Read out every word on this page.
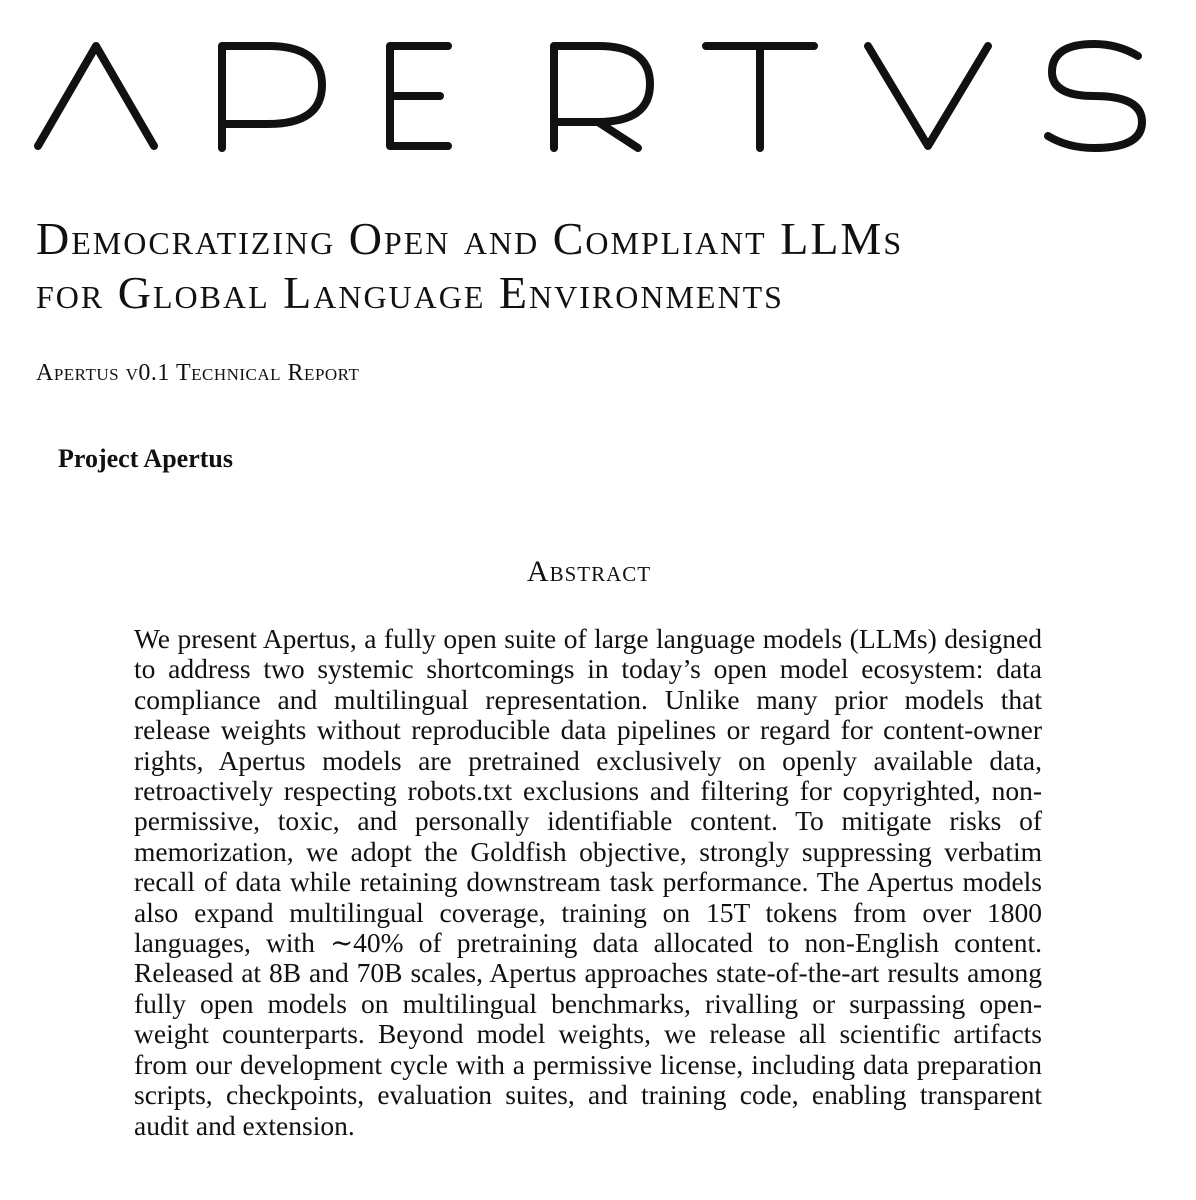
Democratizing Open and Compliant LLMs
for Global Language Environments
Apertus v0.1 Technical Report
Project Apertus
Abstract

We present Apertus, a fully open suite of large language models (LLMs) designed to address two systemic shortcomings in today’s open model ecosystem: data compliance and multilingual representation. Unlike many prior models that release weights without reproducible data pipelines or regard for content-owner rights, Apertus models are pretrained exclusively on openly available data, retroactively respecting robots.txt exclusions and filtering for copyrighted, non-permissive, toxic, and personally identifiable content. To mitigate risks of memorization, we adopt the Goldfish objective, strongly suppressing verbatim recall of data while retaining downstream task performance. The Apertus models also expand multilingual coverage, training on 15T tokens from over 1800 languages, with ∼40% of pretraining data allocated to non-English content. Released at 8B and 70B scales, Apertus approaches state-of-the-art results among fully open models on multilingual benchmarks, rivalling or surpassing open-weight counterparts. Beyond model weights, we release all scientific artifacts from our development cycle with a permissive license, including data preparation scripts, checkpoints, evaluation suites, and training code, enabling transparent audit and extension.
